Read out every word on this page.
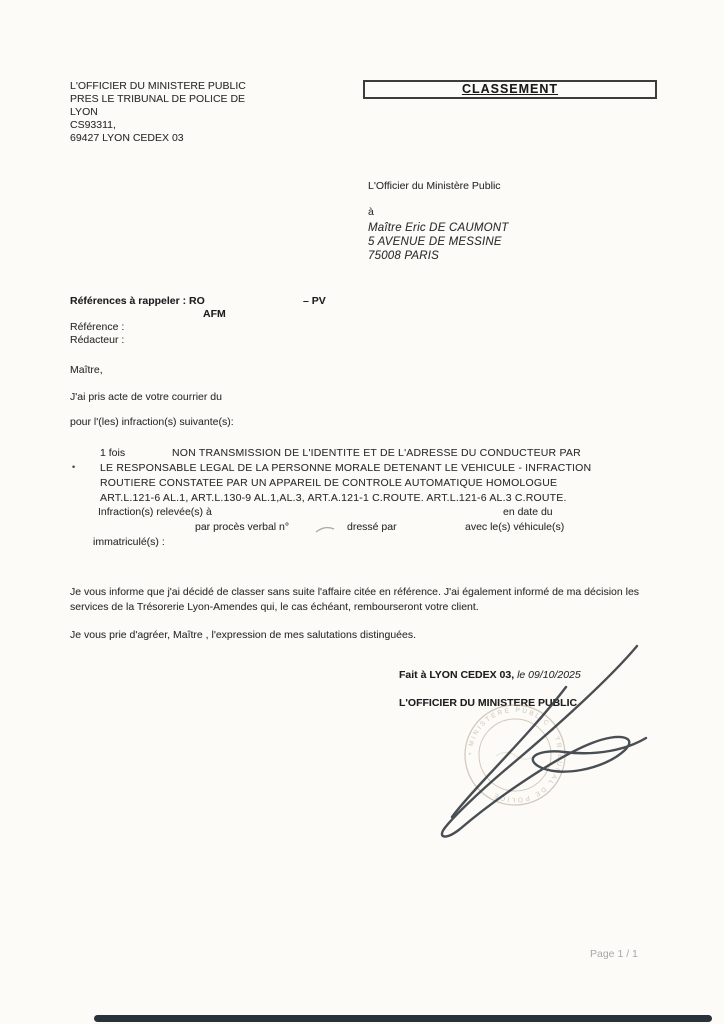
L'OFFICIER DU MINISTERE PUBLIC
PRES LE TRIBUNAL DE POLICE DE
LYON
CS93311,
69427 LYON CEDEX 03
CLASSEMENT
L'Officier du Ministère Public
à
Maître Eric DE CAUMONT
5 AVENUE DE MESSINE
75008 PARIS
Références à rappeler : RO	– PV
AFM
Référence :
Rédacteur :
Maître,
J'ai pris acte de votre courrier du
pour l'(les) infraction(s) suivante(s):
•
1 fois	NON TRANSMISSION DE L'IDENTITE ET DE L'ADRESSE DU CONDUCTEUR PAR
LE RESPONSABLE LEGAL DE LA PERSONNE MORALE DETENANT LE VEHICULE - INFRACTION
ROUTIERE CONSTATEE PAR UN APPAREIL DE CONTROLE AUTOMATIQUE HOMOLOGUE
ART.L.121-6 AL.1, ART.L.130-9 AL.1,AL.3, ART.A.121-1 C.ROUTE. ART.L.121-6 AL.3 C.ROUTE.
Infraction(s) relevée(s) à	en date du
par procès verbal n°	dressé par	avec le(s) véhicule(s)
immatriculé(s) :
Je vous informe que j'ai décidé de classer sans suite l'affaire citée en référence. J'ai également informé de ma décision les services de la Trésorerie Lyon-Amendes qui, le cas échéant, rembourseront votre client.
Je vous prie d'agréer, Maître , l'expression de mes salutations distinguées.
Fait à LYON CEDEX 03, le 09/10/2025
L'OFFICIER DU MINISTERE PUBLIC
• MINISTERE PUBLIC • TRIBUNAL DE POLICE
Page 1 / 1
